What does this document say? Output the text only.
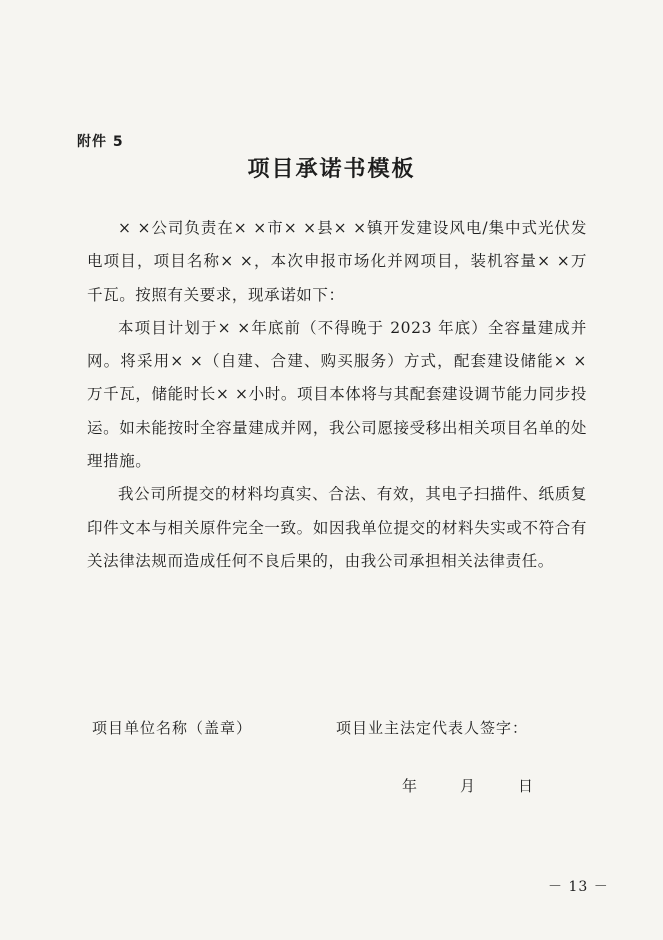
附件 5
项目承诺书模板

× ×公司负责在× ×市× ×县× ×镇开发建设风电/集中式光伏发电项目，项目名称× ×，本次申报市场化并网项目，装机容量× ×万千瓦。按照有关要求，现承诺如下：

本项目计划于× ×年底前（不得晚于 2023 年底）全容量建成并网。将采用× ×（自建、合建、购买服务）方式，配套建设储能× ×万千瓦，储能时长× ×小时。项目本体将与其配套建设调节能力同步投运。如未能按时全容量建成并网，我公司愿接受移出相关项目名单的处理措施。

我公司所提交的材料均真实、合法、有效，其电子扫描件、纸质复印件文本与相关原件完全一致。如因我单位提交的材料失实或不符合有关法律法规而造成任何不良后果的，由我公司承担相关法律责任。

项目单位名称（盖章）	项目业主法定代表人签字：
年	月	日
－ 13 －
